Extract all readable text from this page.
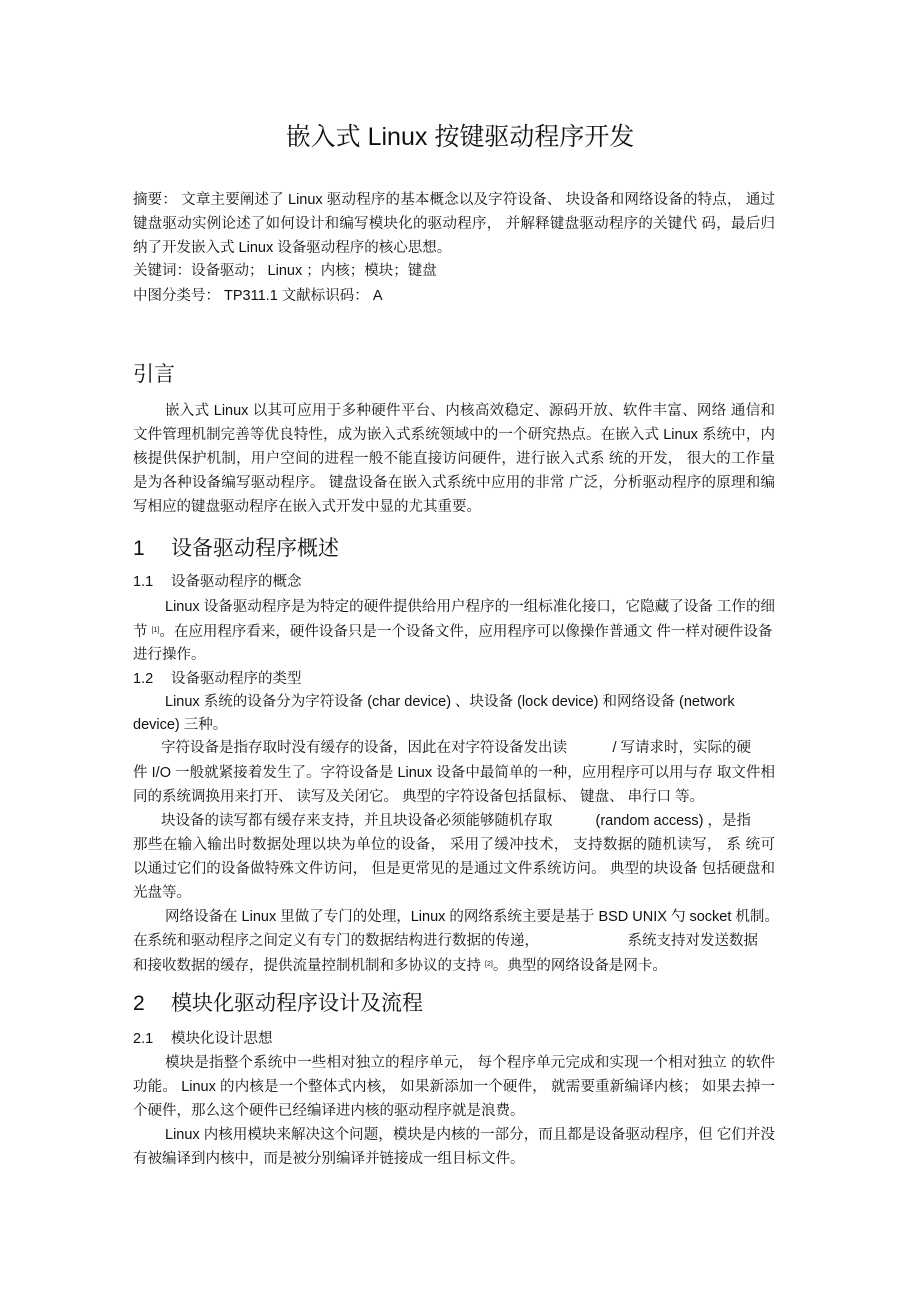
嵌入式 Linux 按键驱动程序开发
摘要： 文章主要阐述了 Linux 驱动程序的基本概念以及字符设备、 块设备和网络设备的特点， 通过
键盘驱动实例论述了如何设计和编写模块化的驱动程序， 并解释键盘驱动程序的关键代 码，最后归
纳了开发嵌入式 Linux 设备驱动程序的核心思想。
关键词：设备驱动； Linux ；内核；模块；键盘
中图分类号： TP311.1 文献标识码： A
引言
嵌入式 Linux 以其可应用于多种硬件平台、内核高效稳定、源码开放、软件丰富、网络 通信和
文件管理机制完善等优良特性，成为嵌入式系统领域中的一个研究热点。在嵌入式 Linux 系统中，内
核提供保护机制，用户空间的进程一般不能直接访问硬件，进行嵌入式系 统的开发， 很大的工作量
是为各种设备编写驱动程序。 键盘设备在嵌入式系统中应用的非常 广泛，分析驱动程序的原理和编
写相应的键盘驱动程序在嵌入式开发中显的尤其重要。
1 设备驱动程序概述
1.1 设备驱动程序的概念
Linux 设备驱动程序是为特定的硬件提供给用户程序的一组标准化接口，它隐藏了设备 工作的细
节 [1]。在应用程序看来，硬件设备只是一个设备文件，应用程序可以像操作普通文 件一样对硬件设备
进行操作。
1.2 设备驱动程序的类型
Linux 系统的设备分为字符设备 (char device) 、块设备 (lock device) 和网络设备 (network
device) 三种。
字符设备是指存取时没有缓存的设备，因此在对字符设备发出读	/ 写请求时，实际的硬
件 I/O 一般就紧接着发生了。字符设备是 Linux 设备中最简单的一种，应用程序可以用与存 取文件相
同的系统调换用来打开、 读写及关闭它。 典型的字符设备包括鼠标、 键盘、 串行口 等。
块设备的读写都有缓存来支持，并且块设备必须能够随机存取	(random access) ，是指
那些在输入输出时数据处理以块为单位的设备， 采用了缓冲技术， 支持数据的随机读写， 系 统可
以通过它们的设备做特殊文件访问， 但是更常见的是通过文件系统访问。 典型的块设备 包括硬盘和
光盘等。
网络设备在 Linux 里做了专门的处理，Linux 的网络系统主要是基于 BSD UNIX 勺 socket 机制。
在系统和驱动程序之间定义有专门的数据结构进行数据的传递，	系统支持对发送数据
和接收数据的缓存，提供流量控制机制和多协议的支持 [2]。典型的网络设备是网卡。
2 模块化驱动程序设计及流程
2.1 模块化设计思想
模块是指整个系统中一些相对独立的程序单元， 每个程序单元完成和实现一个相对独立 的软件
功能。 Linux 的内核是一个整体式内核， 如果新添加一个硬件， 就需要重新编译内核； 如果去掉一
个硬件，那么这个硬件已经编译进内核的驱动程序就是浪费。
Linux 内核用模块来解决这个问题，模块是内核的一部分，而且都是设备驱动程序，但 它们并没
有被编译到内核中，而是被分别编译并链接成一组目标文件。
